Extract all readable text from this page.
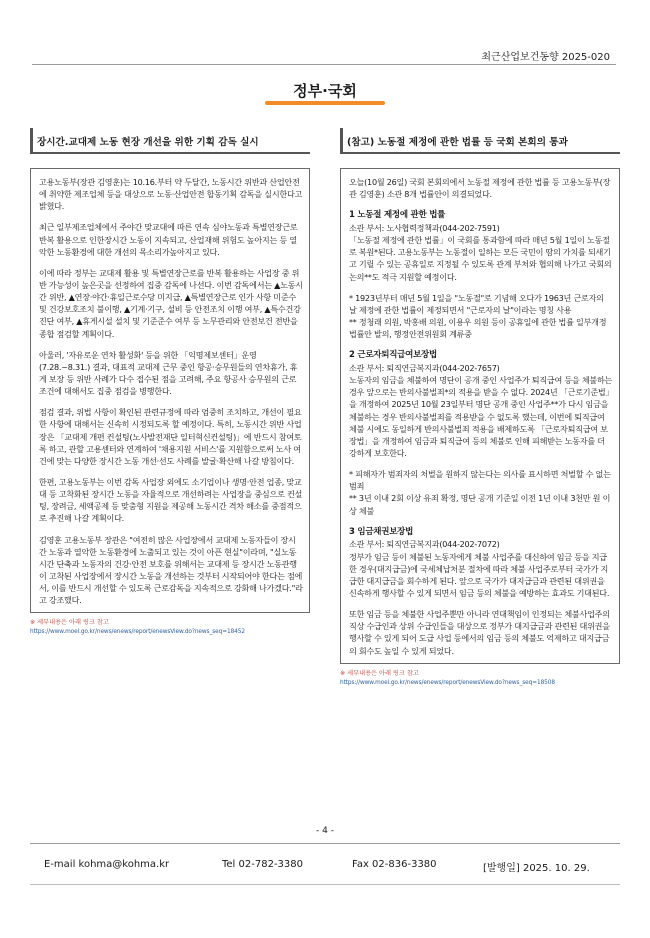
최근산업보건동향 2025-020
정부·국회
장시간.교대제 노동 현장 개선을 위한 기획 감독 실시

고용노동부(장관 김영훈)는 10.16.부터 약 두달간, 노동시간 위반과 산업안전에 취약한 제조업체 등을 대상으로 노동·산업안전 합동기획 감독을 실시한다고 밝혔다.

최근 일부제조업체에서 주야간 맞교대에 따른 연속 심야노동과 특별연장근로 반복 활용으로 인한장시간 노동이 지속되고, 산업재해 위험도 높아지는 등 열악한 노동환경에 대한 개선의 목소리가높아지고 있다.

이에 따라 정부는 교대제 활용 및 특별연장근로를 반복 활용하는 사업장 중 위반 가능성이 높은곳을 선정하여 집중 감독에 나선다. 이번 감독에서는 ▲노동시간 위반, ▲연장·야간·휴일근로수당 미지급, ▲특별연장근로 인가 사항 미준수 및 건강보호조치 불이행, ▲기계·기구, 설비 등 안전조치 이행 여부, ▲특수건강진단 여부, ▲휴게시설 설치 및 기준준수 여부 등 노무관리와 안전보건 전반을 종합 점검할 계획이다.

아울러, '자유로운 연차 활성화' 등을 위한 「익명제보센터」운영(7.28.~8.31.) 결과, 대표적 교대제 근무 중인 항공·승무원들의 연차휴가, 휴게 보장 등 위반 사례가 다수 접수된 점을 고려해, 주요 항공사 승무원의 근로조건에 대해서도 집중 점검을 병행한다.

점검 결과, 위법 사항이 확인된 관련규정에 따라 엄중히 조치하고, 개선이 필요한 사항에 대해서는 신속히 시정되도록 할 예정이다. 특히, 노동시간 위반 사업장은 「교대제 개편 컨설팅(노사발전재단 일터혁신컨설팅)」에 반드시 참여토록 하고, 관할 고용센터와 연계하여 '채용지원 서비스'를 지원함으로써 노사 여건에 맞는 다양한 장시간 노동 개선·선도 사례를 발굴·확산해 나갈 방침이다.

한편, 고용노동부는 이번 감독 사업장 외에도 소기업이나 생명·안전 업종, 맞교대 등 고착화된 장시간 노동을 자율적으로 개선하려는 사업장을 중심으로 컨설팅, 장려금, 세액공제 등 맞춤형 지원을 제공해 노동시간 격차 해소를 중점적으로 추진해 나갈 계획이다.

김영훈 고용노동부 장관은 "여전히 많은 사업장에서 교대제 노동자들이 장시간 노동과 열악한 노동환경에 노출되고 있는 것이 아픈 현실"이라며, "실노동시간 단축과 노동자의 건강·안전 보호를 위해서는 교대제 등 장시간 노동관행이 고착된 사업장에서 장시간 노동을 개선하는 것부터 시작되어야 한다는 점에서, 이를 반드시 개선할 수 있도록 근로감독을 지속적으로 강화해 나가겠다."라고 강조했다.

※ 세부내용은 아래 링크 참고
https://www.moel.go.kr/news/enews/report/enewsView.do?news_seq=18452
(참고) 노동절 제정에 관한 법률 등 국회 본회의 통과

오늘(10월 26일) 국회 본회의에서 노동절 제정에 관한 법률 등 고용노동부(장관 김영훈) 소관 8개 법률안이 의결되었다.

1 노동절 제정에 관한 법률
소관 부서: 노사협력정책과(044-202-7591)
「노동절 제정에 관한 법률」이 국회를 통과함에 따라 매년 5월 1일이 노동절로 복원*된다. 고용노동부는 노동절이 일하는 모든 국민이 땀의 가치를 되새기고 기릴 수 있는 공휴일로 지정될 수 있도록 관계 부처와 협의해 나가고 국회의 논의**도 적극 지원할 예정이다.

* 1923년부터 매년 5월 1일을 "노동절"로 기념해 오다가 1963년 근로자의 날 제정에 관한 법률이 제정되면서 "근로자의 날"이라는 명칭 사용
** 정청래 의원, 박홍배 의원, 이용우 의원 등이 공휴일에 관한 법률 일부개정법률안 발의, 행정안전위원회 계류중

2 근로자퇴직급여보장법
소관 부서: 퇴직연금복지과(044-202-7657)
노동자의 임금을 체불하여 명단이 공개 중인 사업주가 퇴직급여 등을 체불하는 경우 앞으로는 반의사불벌죄*의 적용을 받을 수 없다. 2024년 「근로기준법」을 개정하여 2025년 10월 23일부터 명단 공개 중인 사업주**가 다시 임금을 체불하는 경우 반의사불벌죄를 적용받을 수 없도록 했는데, 이번에 퇴직급여 체불 시에도 동일하게 반의사불벌죄 적용을 배제하도록 「근로자퇴직급여 보장법」을 개정하여 임금과 퇴직급여 등의 체불로 인해 피해받는 노동자를 더 강하게 보호한다.

* 피해자가 범죄자의 처벌을 원하지 않는다는 의사를 표시하면 처벌할 수 없는 범죄
** 3년 이내 2회 이상 유죄 확정, 명단 공개 기준일 이전 1년 이내 3천만 원 이상 체불

3 임금채권보장법
소관 부서: 퇴직연금복지과(044-202-7072)
정부가 임금 등이 체불된 노동자에게 체불 사업주를 대신하여 임금 등을 지급한 경우(대지급금)에 국세체납처분 절차에 따라 체불 사업주로부터 국가가 지급한 대지급금을 회수하게 된다. 앞으로 국가가 대지급금과 관련된 대위권을 신속하게 행사할 수 있게 되면서 임금 등의 체불을 예방하는 효과도 기대된다.

또한 임금 등을 체불한 사업주뿐만 아니라 연대책임이 인정되는 체불사업주의 직상 수급인과 상위 수급인들을 대상으로 정부가 대지급금과 관련된 대위권을 행사할 수 있게 되어 도급 사업 등에서의 임금 등의 체불도 억제하고 대지급금의 회수도 높일 수 있게 되었다.

※ 세부내용은 아래 링크 참고
https://www.moel.go.kr/news/enews/report/enewsView.do?news_seq=18508
- 4 -
E-mail kohma@kohma.kr	Tel 02-782-3380	Fax 02-836-3380	[발행일] 2025. 10. 29.
